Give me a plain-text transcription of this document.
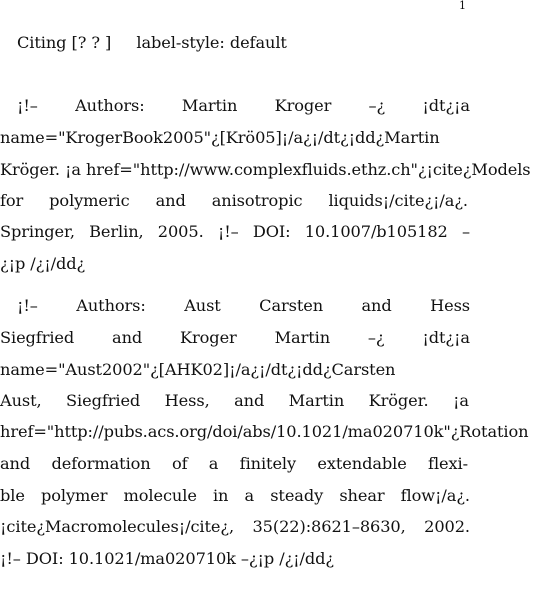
1
Citing [? ? ]     label-style: default
¡!– Authors: Martin Kroger –¿ ¡dt¿¡a
name="KrogerBook2005"¿[Krö05]¡/a¿¡/dt¿¡dd¿Martin
Kröger. ¡a href="http://www.complexfluids.ethz.ch"¿¡cite¿Models
for polymeric and anisotropic liquids¡/cite¿¡/a¿.
Springer, Berlin, 2005. ¡!– DOI: 10.1007/b105182 –
¿¡p /¿¡/dd¿
¡!– Authors: Aust Carsten and Hess
Siegfried and Kroger Martin –¿ ¡dt¿¡a
name="Aust2002"¿[AHK02]¡/a¿¡/dt¿¡dd¿Carsten
Aust, Siegfried Hess, and Martin Kröger. ¡a
href="http://pubs.acs.org/doi/abs/10.1021/ma020710k"¿Rotation
and deformation of a finitely extendable flexi-
ble polymer molecule in a steady shear flow¡/a¿.
¡cite¿Macromolecules¡/cite¿, 35(22):8621–8630, 2002.
¡!– DOI: 10.1021/ma020710k –¿¡p /¿¡/dd¿
